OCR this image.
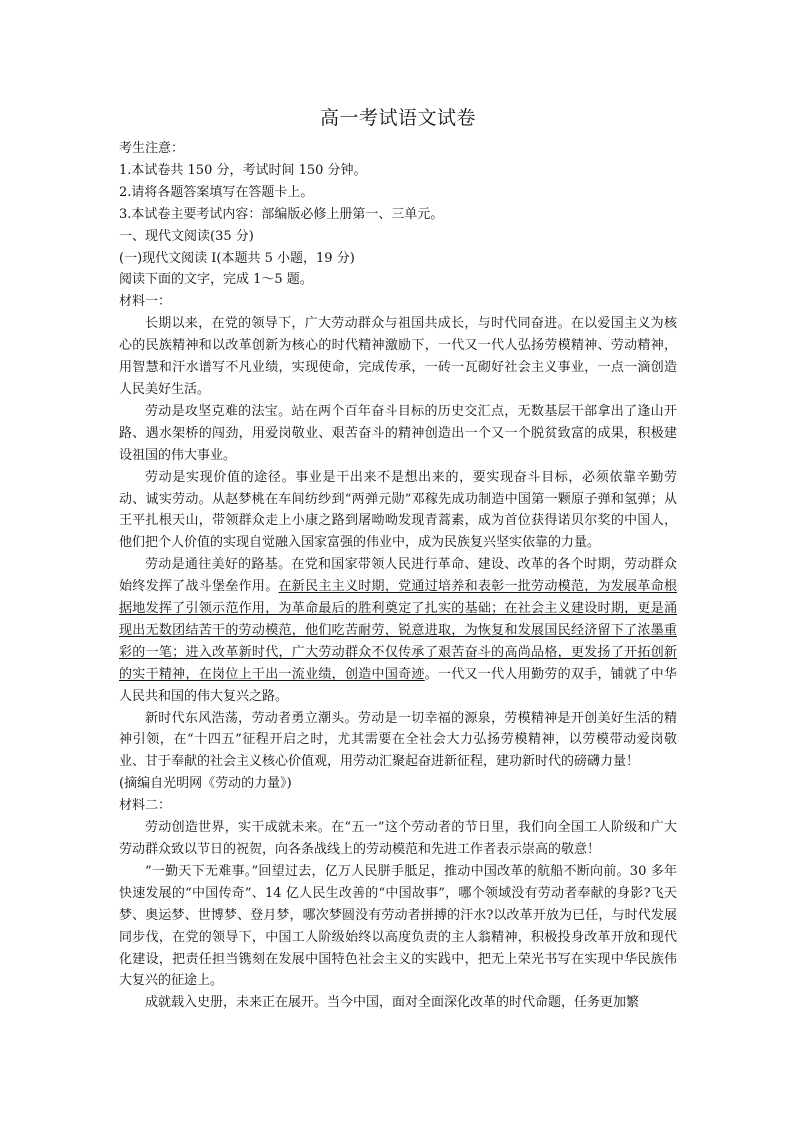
高一考试语文试卷

考生注意：

1.本试卷共 150 分，考试时间 150 分钟。

2.请将各题答案填写在答题卡上。

3.本试卷主要考试内容：部编版必修上册第一、三单元。

一、现代文阅读(35 分)

(一)现代文阅读 I(本题共 5 小题，19 分)

阅读下面的文字，完成 1～5 题。

材料一：

长期以来，在党的领导下，广大劳动群众与祖国共成长，与时代同奋进。在以爱国主义为核心的民族精神和以改革创新为核心的时代精神激励下，一代又一代人弘扬劳模精神、劳动精神，用智慧和汗水谱写不凡业绩，实现使命，完成传承，一砖一瓦砌好社会主义事业，一点一滴创造人民美好生活。

劳动是攻坚克难的法宝。站在两个百年奋斗目标的历史交汇点，无数基层干部拿出了逢山开路、遇水架桥的闯劲，用爱岗敬业、艰苦奋斗的精神创造出一个又一个脱贫致富的成果，积极建设祖国的伟大事业。

劳动是实现价值的途径。事业是干出来不是想出来的，要实现奋斗目标，必须依靠辛勤劳动、诚实劳动。从赵梦桃在车间纺纱到“两弹元勋”邓稼先成功制造中国第一颗原子弹和氢弹；从王平扎根天山，带领群众走上小康之路到屠呦呦发现青蒿素，成为首位获得诺贝尔奖的中国人，他们把个人价值的实现自觉融入国家富强的伟业中，成为民族复兴坚实依靠的力量。

劳动是通往美好的路基。在党和国家带领人民进行革命、建设、改革的各个时期，劳动群众始终发挥了战斗堡垒作用。在新民主主义时期，党通过培养和表彰一批劳动模范，为发展革命根据地发挥了引领示范作用，为革命最后的胜利奠定了扎实的基础；在社会主义建设时期，更是涌现出无数团结苦干的劳动模范，他们吃苦耐劳，锐意进取，为恢复和发展国民经济留下了浓墨重彩的一笔；进入改革新时代，广大劳动群众不仅传承了艰苦奋斗的高尚品格，更发扬了开拓创新的实干精神，在岗位上干出一流业绩，创造中国奇迹。一代又一代人用勤劳的双手，铺就了中华人民共和国的伟大复兴之路。

新时代东风浩荡，劳动者勇立潮头。劳动是一切幸福的源泉，劳模精神是开创美好生活的精神引领，在“十四五”征程开启之时，尤其需要在全社会大力弘扬劳模精神，以劳模带动爱岗敬业、甘于奉献的社会主义核心价值观，用劳动汇聚起奋进新征程，建功新时代的磅礴力量！

(摘编自光明网《劳动的力量》)

材料二：

劳动创造世界，实干成就未来。在“五一”这个劳动者的节日里，我们向全国工人阶级和广大劳动群众致以节日的祝贺，向各条战线上的劳动模范和先进工作者表示崇高的敬意！

“一勤天下无难事。”回望过去，亿万人民胼手胝足，推动中国改革的航船不断向前。30 多年快速发展的“中国传奇”、14 亿人民生改善的“中国故事”，哪个领域没有劳动者奉献的身影?飞天梦、奥运梦、世博梦、登月梦，哪次梦圆没有劳动者拼搏的汗水?以改革开放为已任，与时代发展同步伐，在党的领导下，中国工人阶级始终以高度负责的主人翁精神，积极投身改革开放和现代化建设，把责任担当镌刻在发展中国特色社会主义的实践中，把无上荣光书写在实现中华民族伟大复兴的征途上。

成就载入史册，未来正在展开。当今中国，面对全面深化改革的时代命题，任务更加繁
